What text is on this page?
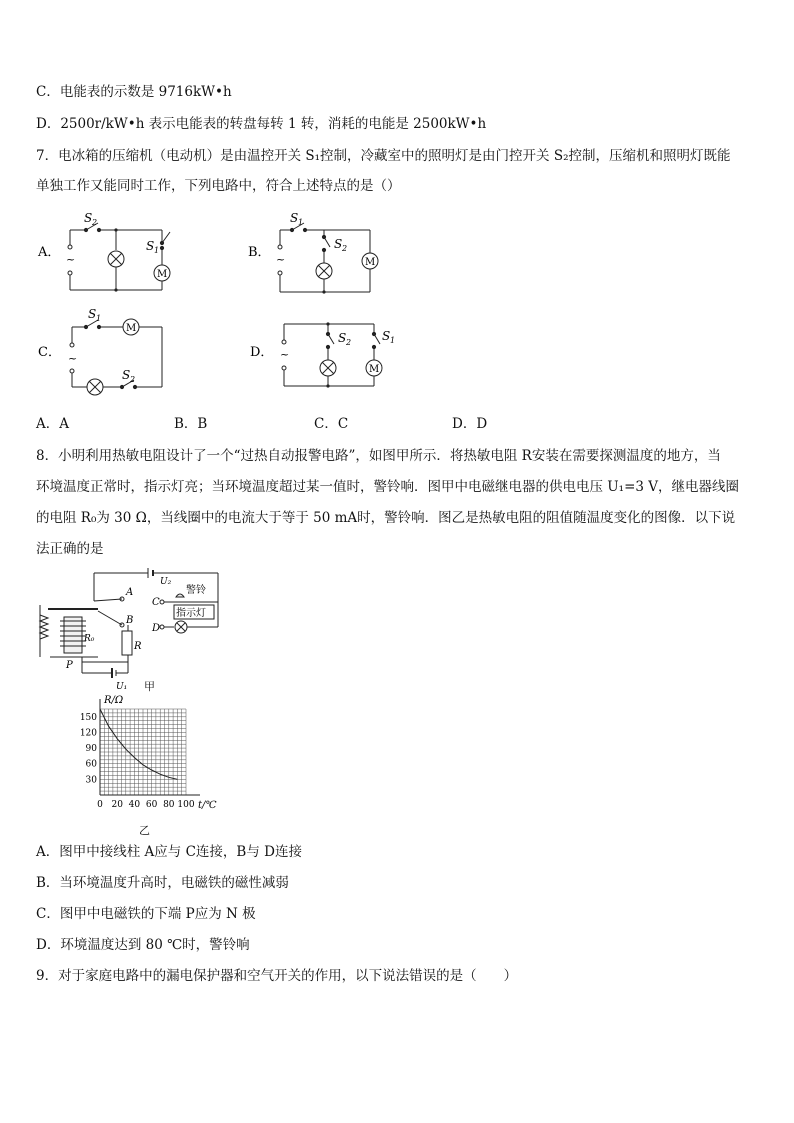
C．电能表的示数是 9716kW•h
D．2500r/kW•h 表示电能表的转盘每转 1 转，消耗的电能是 2500kW•h
7．电冰箱的压缩机（电动机）是由温控开关 S₁控制，冷藏室中的照明灯是由门控开关 S₂控制，压缩机和照明灯既能
单独工作又能同时工作，下列电路中，符合上述特点的是（）
A． ~
S 2
S 1
M
B． ~
S 1
S 2
M
C． ~
S 1
M
S 2
D． ~
S 2	S 1
M
A．A	B．B	C．C	D．D
8．小明利用热敏电阻设计了一个“过热自动报警电路”，如图甲所示．将热敏电阻 R安装在需要探测温度的地方，当
环境温度正常时，指示灯亮；当环境温度超过某一值时，警铃响．图甲中电磁继电器的供电电压 U₁=3 V，继电器线圈
的电阻 R₀为 30 Ω，当线圈中的电流大于等于 50 mA时，警铃响．图乙是热敏电阻的阻值随温度变化的图像．以下说
法正确的是
U₂
A
B
C
D
警铃
指示灯
R
R₀
P
U₁ 甲
0 20 40 60 80 100
30
60
90
120
150
R/Ω
t/℃
乙
A．图甲中接线柱 A应与 C连接，B与 D连接
B．当环境温度升高时，电磁铁的磁性减弱
C．图甲中电磁铁的下端 P应为 N 极
D．环境温度达到 80 ℃时，警铃响
9．对于家庭电路中的漏电保护器和空气开关的作用，以下说法错误的是（　　）
